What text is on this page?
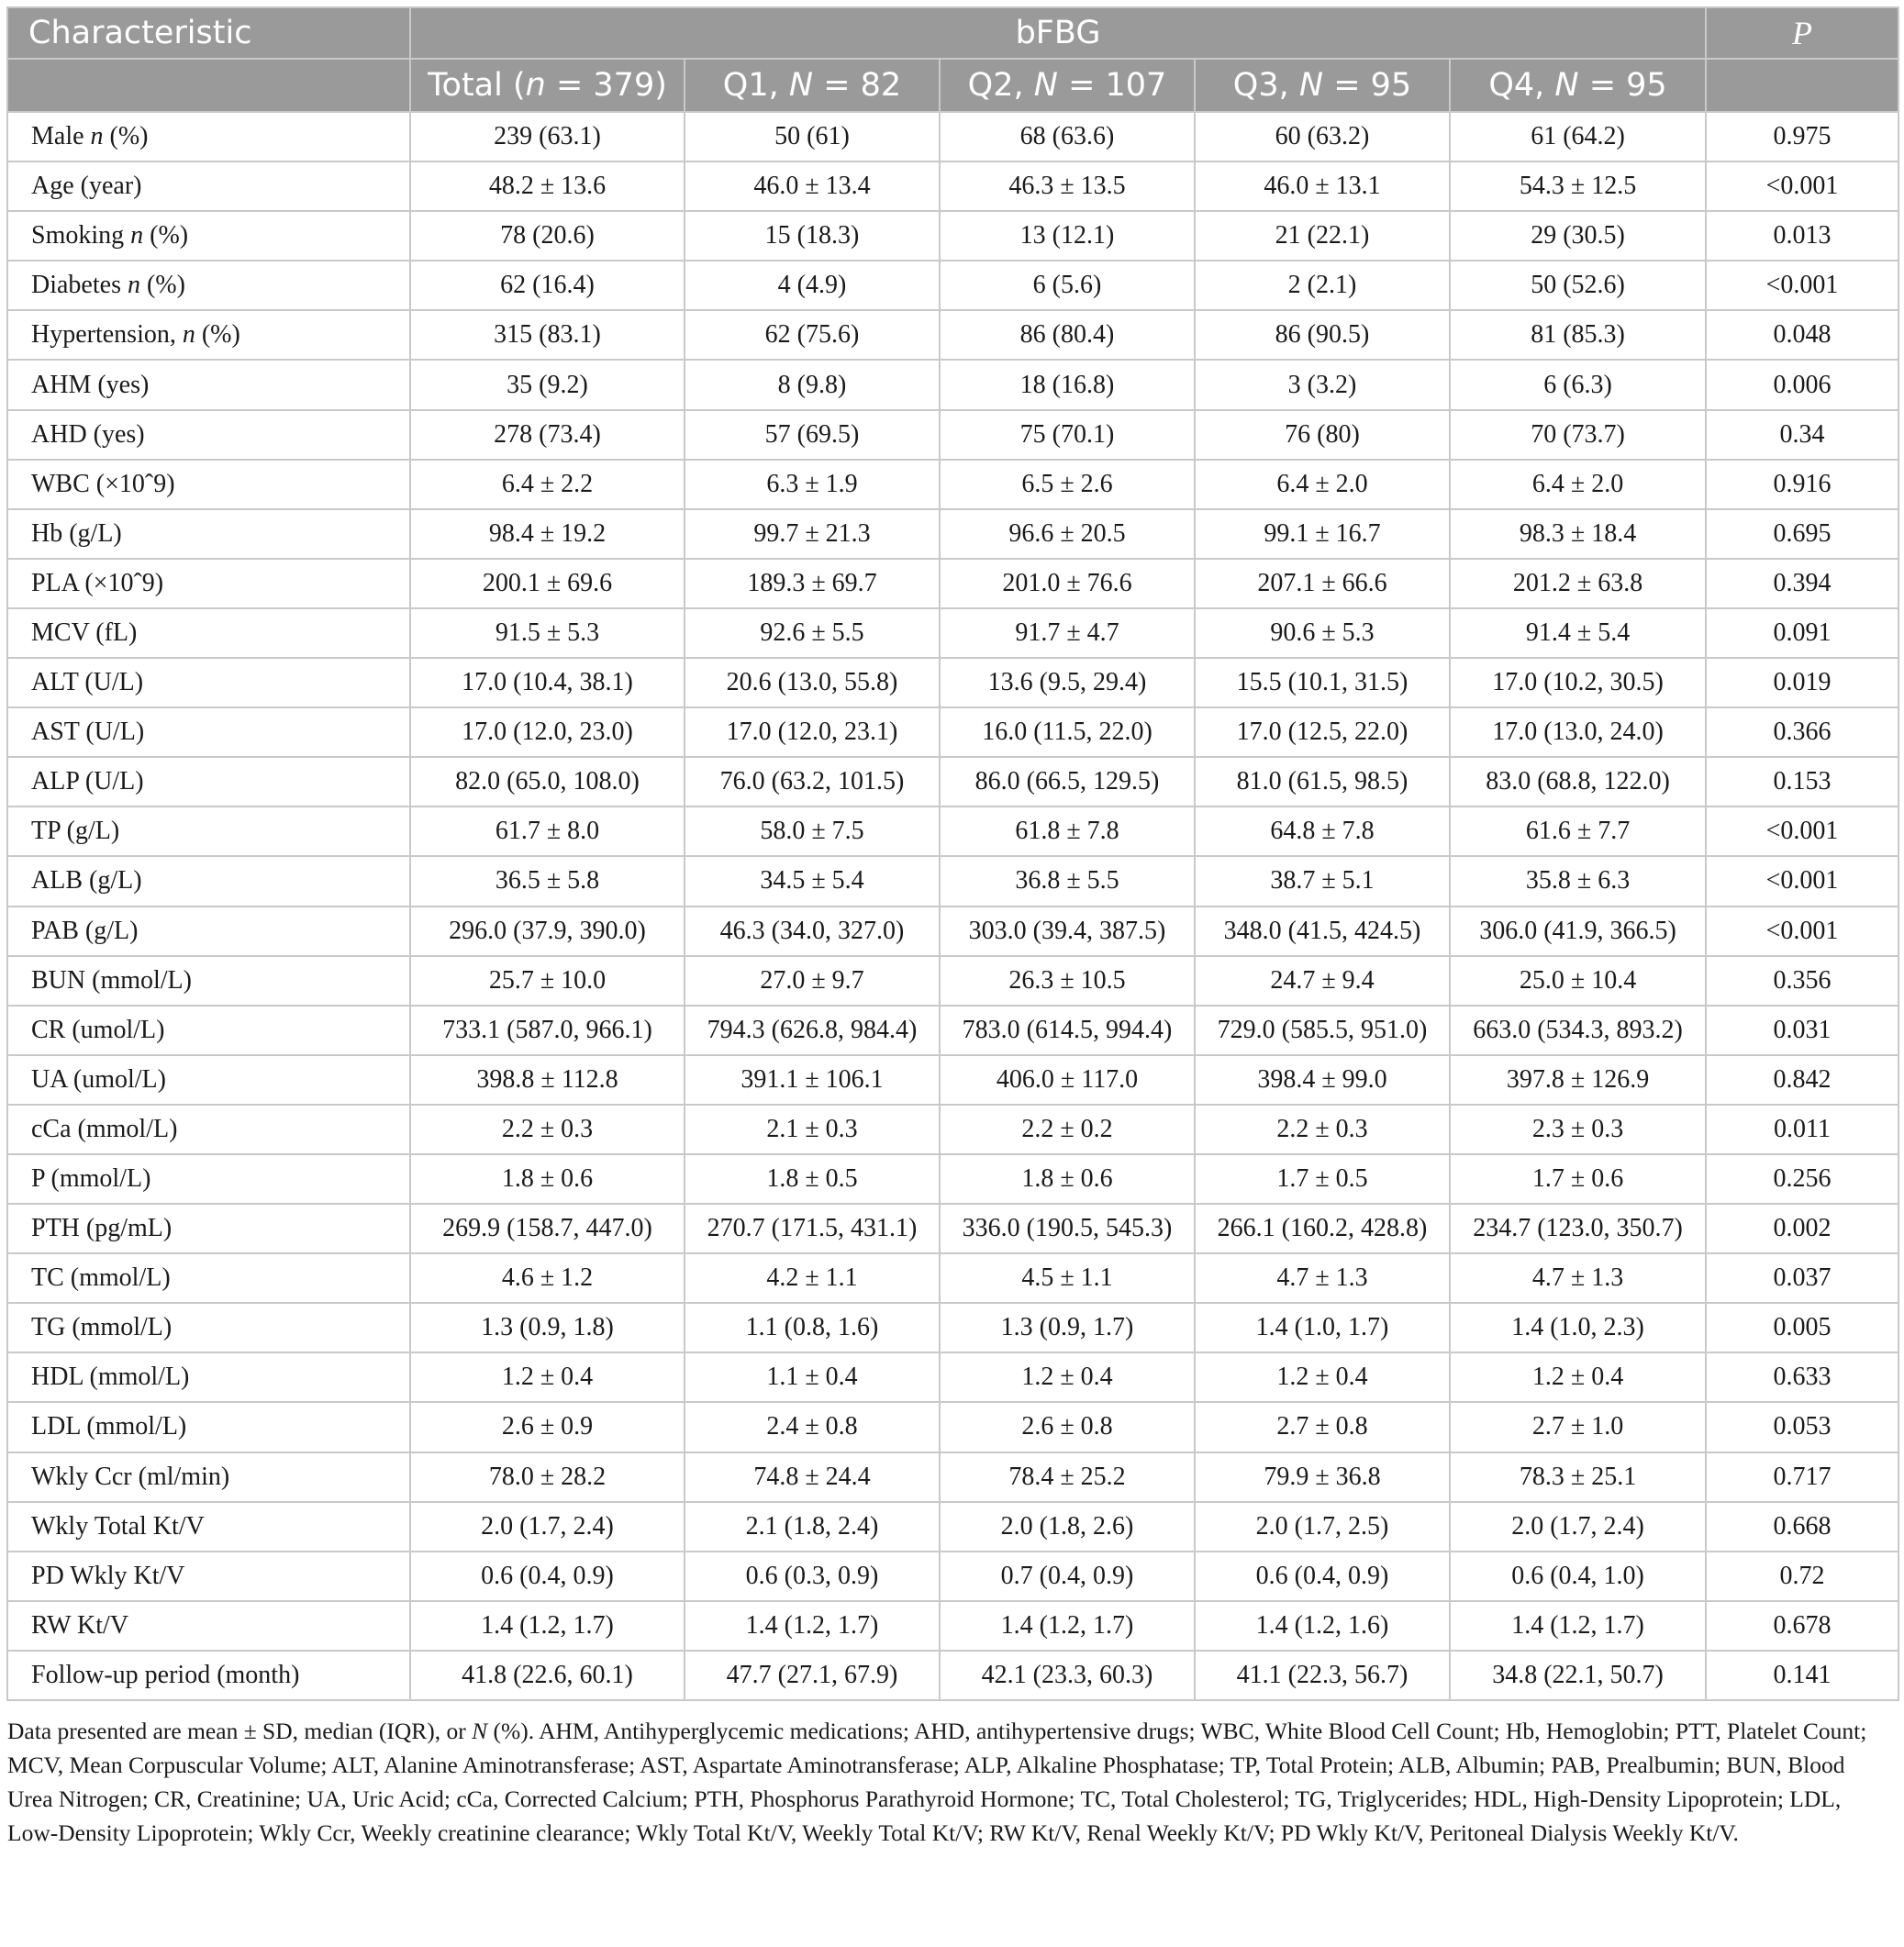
Characteristic	bFBG					P
	Total (n = 379)	Q1, N = 82	Q2, N = 107	Q3, N = 95	Q4, N = 95	
Male n (%)	239 (63.1)	50 (61)	68 (63.6)	60 (63.2)	61 (64.2)	0.975
Age (year)	48.2 ± 13.6	46.0 ± 13.4	46.3 ± 13.5	46.0 ± 13.1	54.3 ± 12.5	<0.001
Smoking n (%)	78 (20.6)	15 (18.3)	13 (12.1)	21 (22.1)	29 (30.5)	0.013
Diabetes n (%)	62 (16.4)	4 (4.9)	6 (5.6)	2 (2.1)	50 (52.6)	<0.001
Hypertension, n (%)	315 (83.1)	62 (75.6)	86 (80.4)	86 (90.5)	81 (85.3)	0.048
AHM (yes)	35 (9.2)	8 (9.8)	18 (16.8)	3 (3.2)	6 (6.3)	0.006
AHD (yes)	278 (73.4)	57 (69.5)	75 (70.1)	76 (80)	70 (73.7)	0.34
WBC (×10ˆ9)	6.4 ± 2.2	6.3 ± 1.9	6.5 ± 2.6	6.4 ± 2.0	6.4 ± 2.0	0.916
Hb (g/L)	98.4 ± 19.2	99.7 ± 21.3	96.6 ± 20.5	99.1 ± 16.7	98.3 ± 18.4	0.695
PLA (×10ˆ9)	200.1 ± 69.6	189.3 ± 69.7	201.0 ± 76.6	207.1 ± 66.6	201.2 ± 63.8	0.394
MCV (fL)	91.5 ± 5.3	92.6 ± 5.5	91.7 ± 4.7	90.6 ± 5.3	91.4 ± 5.4	0.091
ALT (U/L)	17.0 (10.4, 38.1)	20.6 (13.0, 55.8)	13.6 (9.5, 29.4)	15.5 (10.1, 31.5)	17.0 (10.2, 30.5)	0.019
AST (U/L)	17.0 (12.0, 23.0)	17.0 (12.0, 23.1)	16.0 (11.5, 22.0)	17.0 (12.5, 22.0)	17.0 (13.0, 24.0)	0.366
ALP (U/L)	82.0 (65.0, 108.0)	76.0 (63.2, 101.5)	86.0 (66.5, 129.5)	81.0 (61.5, 98.5)	83.0 (68.8, 122.0)	0.153
TP (g/L)	61.7 ± 8.0	58.0 ± 7.5	61.8 ± 7.8	64.8 ± 7.8	61.6 ± 7.7	<0.001
ALB (g/L)	36.5 ± 5.8	34.5 ± 5.4	36.8 ± 5.5	38.7 ± 5.1	35.8 ± 6.3	<0.001
PAB (g/L)	296.0 (37.9, 390.0)	46.3 (34.0, 327.0)	303.0 (39.4, 387.5)	348.0 (41.5, 424.5)	306.0 (41.9, 366.5)	<0.001
BUN (mmol/L)	25.7 ± 10.0	27.0 ± 9.7	26.3 ± 10.5	24.7 ± 9.4	25.0 ± 10.4	0.356
CR (umol/L)	733.1 (587.0, 966.1)	794.3 (626.8, 984.4)	783.0 (614.5, 994.4)	729.0 (585.5, 951.0)	663.0 (534.3, 893.2)	0.031
UA (umol/L)	398.8 ± 112.8	391.1 ± 106.1	406.0 ± 117.0	398.4 ± 99.0	397.8 ± 126.9	0.842
cCa (mmol/L)	2.2 ± 0.3	2.1 ± 0.3	2.2 ± 0.2	2.2 ± 0.3	2.3 ± 0.3	0.011
P (mmol/L)	1.8 ± 0.6	1.8 ± 0.5	1.8 ± 0.6	1.7 ± 0.5	1.7 ± 0.6	0.256
PTH (pg/mL)	269.9 (158.7, 447.0)	270.7 (171.5, 431.1)	336.0 (190.5, 545.3)	266.1 (160.2, 428.8)	234.7 (123.0, 350.7)	0.002
TC (mmol/L)	4.6 ± 1.2	4.2 ± 1.1	4.5 ± 1.1	4.7 ± 1.3	4.7 ± 1.3	0.037
TG (mmol/L)	1.3 (0.9, 1.8)	1.1 (0.8, 1.6)	1.3 (0.9, 1.7)	1.4 (1.0, 1.7)	1.4 (1.0, 2.3)	0.005
HDL (mmol/L)	1.2 ± 0.4	1.1 ± 0.4	1.2 ± 0.4	1.2 ± 0.4	1.2 ± 0.4	0.633
LDL (mmol/L)	2.6 ± 0.9	2.4 ± 0.8	2.6 ± 0.8	2.7 ± 0.8	2.7 ± 1.0	0.053
Wkly Ccr (ml/min)	78.0 ± 28.2	74.8 ± 24.4	78.4 ± 25.2	79.9 ± 36.8	78.3 ± 25.1	0.717
Wkly Total Kt/V	2.0 (1.7, 2.4)	2.1 (1.8, 2.4)	2.0 (1.8, 2.6)	2.0 (1.7, 2.5)	2.0 (1.7, 2.4)	0.668
PD Wkly Kt/V	0.6 (0.4, 0.9)	0.6 (0.3, 0.9)	0.7 (0.4, 0.9)	0.6 (0.4, 0.9)	0.6 (0.4, 1.0)	0.72
RW Kt/V	1.4 (1.2, 1.7)	1.4 (1.2, 1.7)	1.4 (1.2, 1.7)	1.4 (1.2, 1.6)	1.4 (1.2, 1.7)	0.678
Follow-up period (month)	41.8 (22.6, 60.1)	47.7 (27.1, 67.9)	42.1 (23.3, 60.3)	41.1 (22.3, 56.7)	34.8 (22.1, 50.7)	0.141
Data presented are mean ± SD, median (IQR), or N (%). AHM, Antihyperglycemic medications; AHD, antihypertensive drugs; WBC, White Blood Cell Count; Hb, Hemoglobin; PTT, Platelet Count; MCV, Mean Corpuscular Volume; ALT, Alanine Aminotransferase; AST, Aspartate Aminotransferase; ALP, Alkaline Phosphatase; TP, Total Protein; ALB, Albumin; PAB, Prealbumin; BUN, Blood Urea Nitrogen; CR, Creatinine; UA, Uric Acid; cCa, Corrected Calcium; PTH, Phosphorus Parathyroid Hormone; TC, Total Cholesterol; TG, Triglycerides; HDL, High-Density Lipoprotein; LDL, Low-Density Lipoprotein; Wkly Ccr, Weekly creatinine clearance; Wkly Total Kt/V, Weekly Total Kt/V; RW Kt/V, Renal Weekly Kt/V; PD Wkly Kt/V, Peritoneal Dialysis Weekly Kt/V.
